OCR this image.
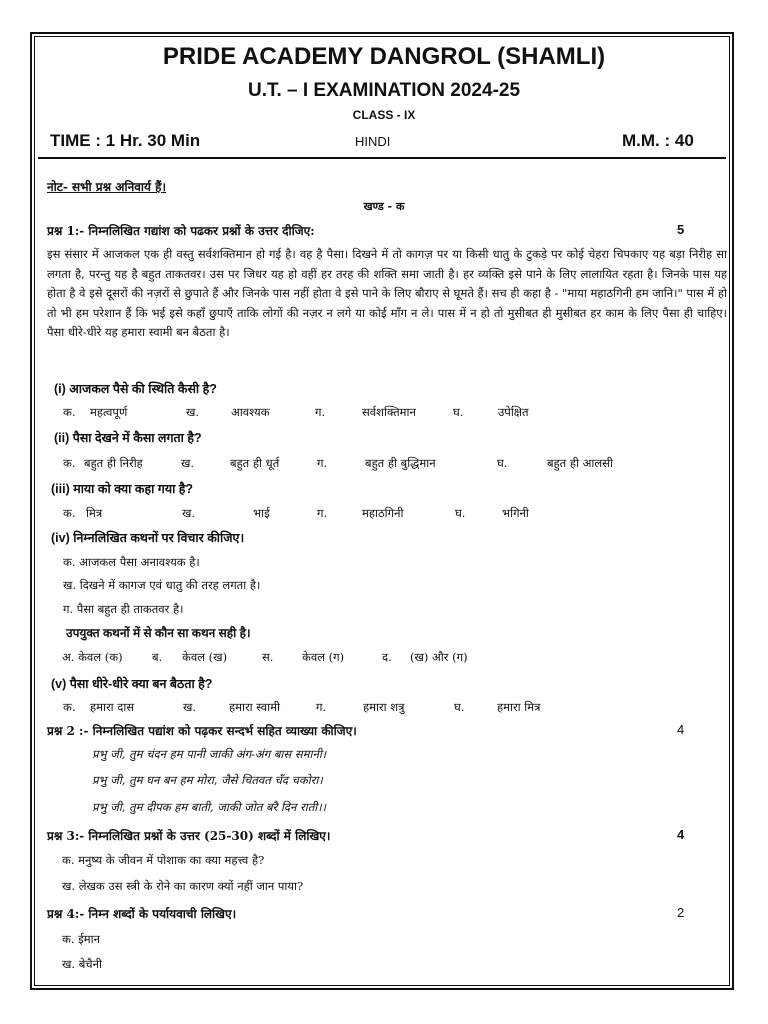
PRIDE ACADEMY DANGROL (SHAMLI)
U.T. – I EXAMINATION 2024-25
CLASS - IX
TIME : 1 Hr. 30 Min	HINDI	M.M. : 40
नोट- सभी प्रश्न अनिवार्य हैं।
खण्ड - क
प्रश्न 1:- निम्नलिखित गद्यांश को पढकर प्रश्नों के उत्तर दीजिए:	5
इस संसार में आजकल एक ही वस्तु सर्वशक्तिमान हो गई है। वह है पैसा। दिखने में तो कागज़ पर या किसी धातु के टुकड़े पर कोई चेहरा चिपकाए यह बड़ा निरीह सा लगता है, परन्तु यह है बहुत ताकतवर। उस पर जिधर यह हो वहीं हर तरह की शक्ति समा जाती है। हर व्यक्ति इसे पाने के लिए लालायित रहता है। जिनके पास यह होता है वे इसे दूसरों की नज़रों से छुपाते हैं और जिनके पास नहीं होता वे इसे पाने के लिए बौराए से घूमते हैं। सच ही कहा है - "माया महाठगिनी हम जानि।" पास में हो तो भी हम परेशान हैं कि भई इसे कहाँ छुपाएँ ताकि लोगों की नज़र न लगे या कोई माँग न ले। पास में न हो तो मुसीबत ही मुसीबत हर काम के लिए पैसा ही चाहिए। पैसा धीरे-धीरे यह हमारा स्वामी बन बैठता है।
(i) आजकल पैसे की स्थिति कैसी है?
क. महत्वपूर्ण	ख.	आवश्यक	ग.	सर्वशक्तिमान	घ.	उपेक्षित
(ii) पैसा देखने में कैसा लगता है?
क. बहुत ही निरीह	ख.	बहुत ही धूर्त	ग.	बहुत ही बुद्धिमान	घ.	बहुत ही आलसी
(iii) माया को क्या कहा गया है?
क. मित्र	ख.	भाई	ग.	महाठगिनी	घ.	भगिनी
(iv) निम्नलिखित कथनों पर विचार कीजिए।
क. आजकल पैसा अनावश्यक है।
ख. दिखने में कागज एवं धातु की तरह लगता है।
ग. पैसा बहुत ही ताकतवर है।
उपयुक्त कथनों में से कौन सा कथन सही है।
अ. केवल (क)	ब. केवल (ख)	स. केवल (ग)	द. (ख) और (ग)
(v) पैसा धीरे-धीरे क्या बन बैठता है?
क. हमारा दास	ख.	हमारा स्वामी	ग.	हमारा शत्रु	घ.	हमारा मित्र
प्रश्न 2 :- निम्नलिखित पद्यांश को पढ़कर सन्दर्भ सहित व्याख्या कीजिए।	4
प्रभु जी, तुम चंदन हम पानी जाकी अंग-अंग बास समानी।
प्रभु जी, तुम घन बन हम मोरा, जैसे चितवत चँद चकोरा।
प्रभु जी, तुम दीपक हम बाती, जाकी जोत बरै दिन राती।।
प्रश्न 3:- निम्नलिखित प्रश्नों के उत्तर (25-30) शब्दों में लिखिए।	4
क. मनुष्य के जीवन में पोशाक का क्या महत्त्व है?
ख. लेखक उस स्त्री के रोने का कारण क्यों नहीं जान पाया?
प्रश्न 4:- निम्न शब्दों के पर्यायवाची लिखिए।	2
क. ईमान
ख. बेचैनी
